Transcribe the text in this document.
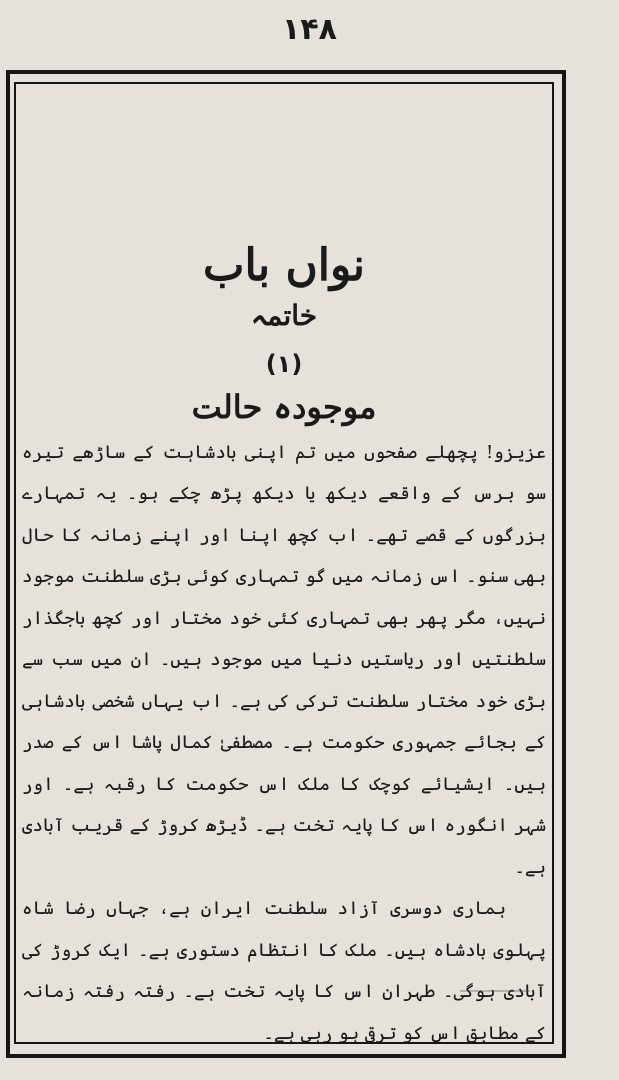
۱۴۸
نواں باب
خاتمہ
(۱)
موجودہ حالت

عزیزو! پچھلے صفحوں میں تم اپنی بادشاہت کے ساڑھے تیرہ سو برس کے واقعے دیکھ یا دیکھ پڑھ چکے ہو۔ یہ تمہارے بزرگوں کے قصے تھے۔ اب کچھ اپنا اور اپنے زمانہ کا حال بھی سنو۔ اس زمانہ میں گو تمہاری کوئی بڑی سلطنت موجود نہیں، مگر پھر بھی تمہاری کئی خود مختار اور کچھ باجگذار سلطنتیں اور ریاستیں دنیا میں موجود ہیں۔ ان میں سب سے بڑی خود مختار سلطنت ترکی کی ہے۔ اب یہاں شخصی بادشاہی کے بجائے جمہوری حکومت ہے۔ مصطفیٰ کمال پاشا اس کے صدر ہیں۔ ایشیائے کوچک کا ملک اس حکومت کا رقبہ ہے۔ اور شہر انگورہ اس کا پایہ تخت ہے۔ ڈیڑھ کروڑ کے قریب آبادی ہے۔

ہماری دوسری آزاد سلطنت ایران ہے، جہاں رضا شاہ پہلوی بادشاہ ہیں۔ ملک کا انتظام دستوری ہے۔ ایک کروڑ کی آبادی ہوگی۔ طہران اس کا پایہ تخت ہے۔ رفتہ رفتہ زمانہ کے مطابق اس کو ترقی ہو رہی ہے۔
